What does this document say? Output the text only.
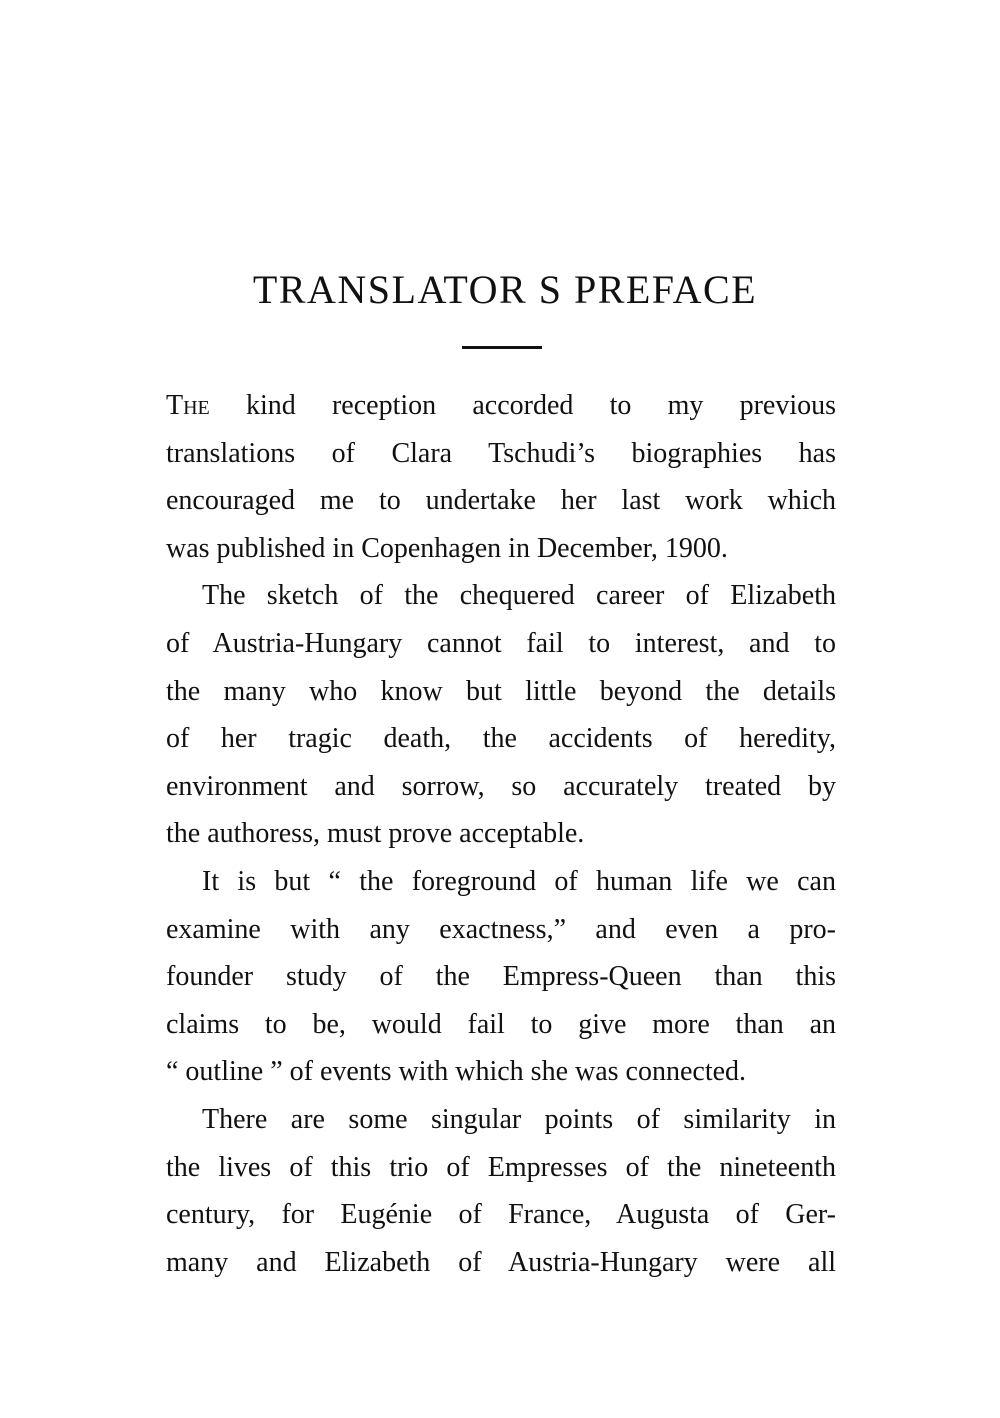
TRANSLATOR S PREFACE
The kind reception accorded to my previous
translations of Clara Tschudi’s biographies has
encouraged me to undertake her last work which
was published in Copenhagen in December, 1900.
The sketch of the chequered career of Elizabeth
of Austria-Hungary cannot fail to interest, and to
the many who know but little beyond the details
of her tragic death, the accidents of heredity,
environment and sorrow, so accurately treated by
the authoress, must prove acceptable.
It is but “ the foreground of human life we can
examine with any exactness,” and even a pro-
founder study of the Empress-Queen than this
claims to be, would fail to give more than an
“ outline ” of events with which she was connected.
There are some singular points of similarity in
the lives of this trio of Empresses of the nineteenth
century, for Eugénie of France, Augusta of Ger-
many and Elizabeth of Austria-Hungary were all
